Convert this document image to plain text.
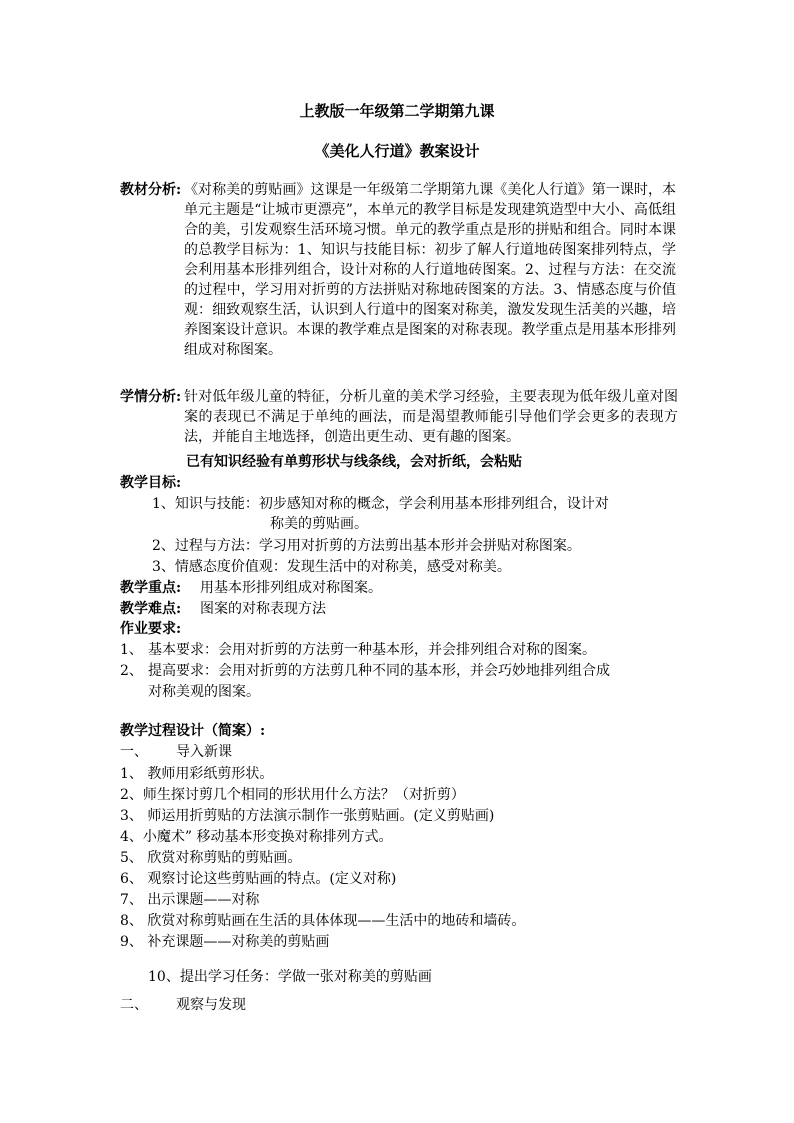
上教版一年级第二学期第九课
《美化人行道》教案设计
教材分析: 《对称美的剪贴画》这课是一年级第二学期第九课《美化人行道》第一课时，本单元主题是“让城市更漂亮”，本单元的教学目标是发现建筑造型中大小、高低组合的美，引发观察生活环境习惯。单元的教学重点是形的拼贴和组合。同时本课的总教学目标为：1、知识与技能目标：初步了解人行道地砖图案排列特点，学会利用基本形排列组合，设计对称的人行道地砖图案。2、过程与方法：在交流的过程中，学习用对折剪的方法拼贴对称地砖图案的方法。3、情感态度与价值观：细致观察生活，认识到人行道中的图案对称美，激发发现生活美的兴趣，培养图案设计意识。本课的教学难点是图案的对称表现。教学重点是用基本形排列组成对称图案。
学情分析: 针对低年级儿童的特征，分析儿童的美术学习经验，主要表现为低年级儿童对图案的表现已不满足于单纯的画法，而是渴望教师能引导他们学会更多的表现方法，并能自主地选择，创造出更生动、更有趣的图案。
已有知识经验有单剪形状与线条线，会对折纸，会粘贴
教学目标:
1、知识与技能：初步感知对称的概念，学会利用基本形排列组合，设计对
称美的剪贴画。
2、过程与方法：学习用对折剪的方法剪出基本形并会拼贴对称图案。
3、情感态度价值观：发现生活中的对称美，感受对称美。
教学重点: 用基本形排列组成对称图案。
教学难点: 图案的对称表现方法
作业要求:
1、 基本要求：会用对折剪的方法剪一种基本形，并会排列组合对称的图案。
2、 提高要求：会用对折剪的方法剪几种不同的基本形，并会巧妙地排列组合成
对称美观的图案。
教学过程设计（简案）:
一、 导入新课
1、 教师用彩纸剪形状。
2、师生探讨剪几个相同的形状用什么方法？（对折剪）
3、 师运用折剪贴的方法演示制作一张剪贴画。(定义剪贴画)
4、小魔术” 移动基本形变换对称排列方式。
5、 欣赏对称剪贴的剪贴画。
6、 观察讨论这些剪贴画的特点。(定义对称)
7、 出示课题——对称
8、 欣赏对称剪贴画在生活的具体体现——生活中的地砖和墙砖。
9、 补充课题——对称美的剪贴画
10、提出学习任务：学做一张对称美的剪贴画
二、 观察与发现
